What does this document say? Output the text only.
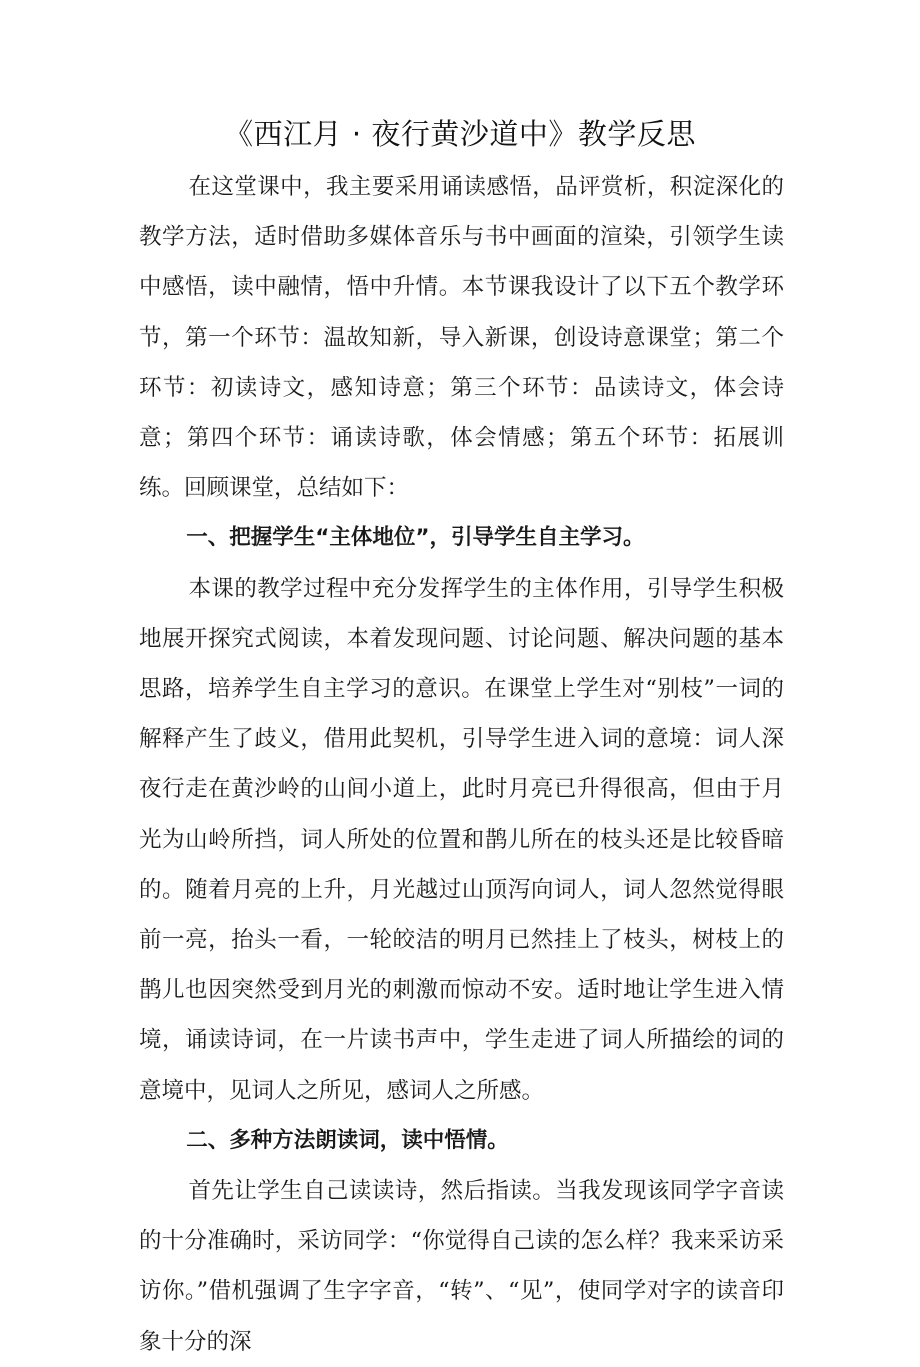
《西江月 · 夜行黄沙道中》教学反思

在这堂课中，我主要采用诵读感悟，品评赏析，积淀深化的教学方法，适时借助多媒体音乐与书中画面的渲染，引领学生读中感悟，读中融情，悟中升情。本节课我设计了以下五个教学环节，第一个环节：温故知新，导入新课，创设诗意课堂；第二个环节：初读诗文，感知诗意；第三个环节：品读诗文，体会诗意；第四个环节：诵读诗歌，体会情感；第五个环节：拓展训练。回顾课堂，总结如下：

一、把握学生“主体地位”，引导学生自主学习。

本课的教学过程中充分发挥学生的主体作用，引导学生积极地展开探究式阅读，本着发现问题、讨论问题、解决问题的基本思路，培养学生自主学习的意识。在课堂上学生对“别枝”一词的解释产生了歧义，借用此契机，引导学生进入词的意境：词人深夜行走在黄沙岭的山间小道上，此时月亮已升得很高，但由于月光为山岭所挡，词人所处的位置和鹊儿所在的枝头还是比较昏暗的。随着月亮的上升，月光越过山顶泻向词人，词人忽然觉得眼前一亮，抬头一看，一轮皎洁的明月已然挂上了枝头，树枝上的鹊儿也因突然受到月光的刺激而惊动不安。适时地让学生进入情境，诵读诗词，在一片读书声中，学生走进了词人所描绘的词的意境中，见词人之所见，感词人之所感。

二、多种方法朗读词，读中悟情。

首先让学生自己读读诗，然后指读。当我发现该同学字音读的十分准确时，采访同学：“你觉得自己读的怎么样？我来采访采访你。”借机强调了生字字音，“转”、“见”，使同学对字的读音印象十分的深
